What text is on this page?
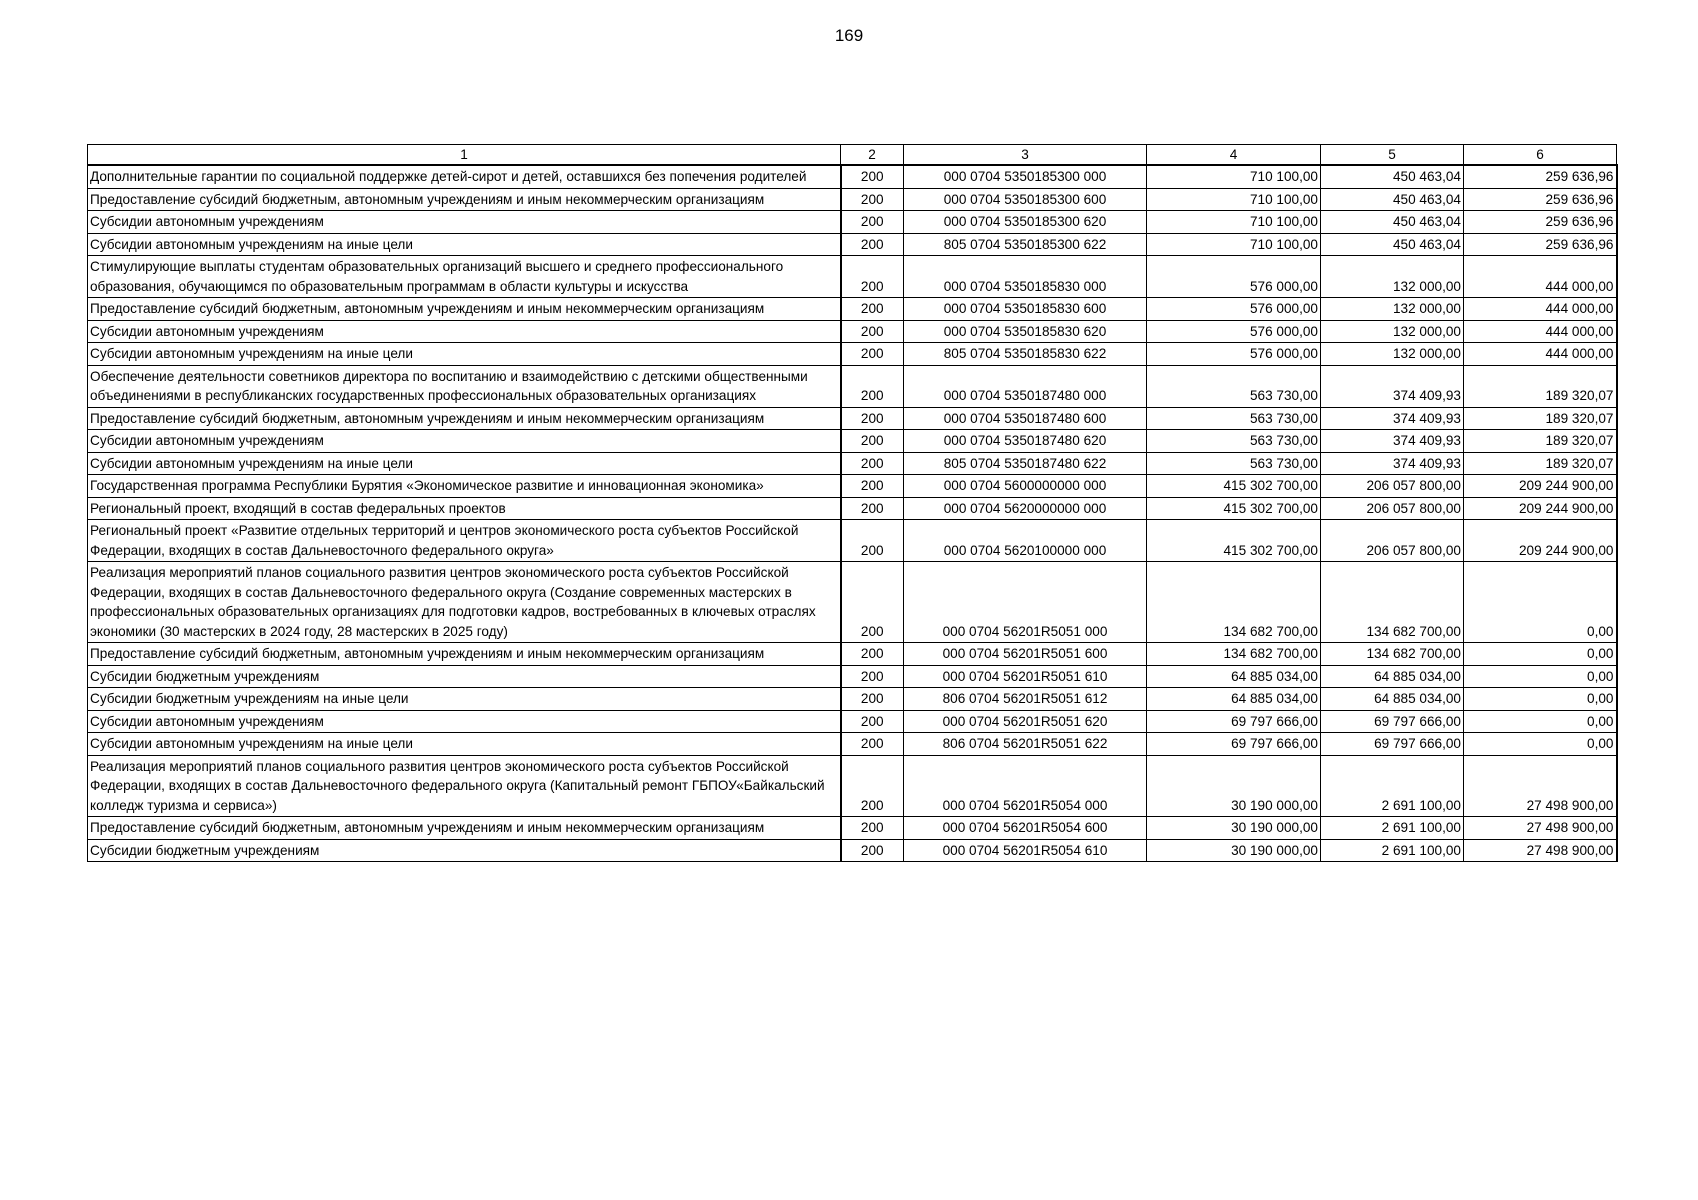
169
1	2	3	4	5	6
Дополнительные гарантии по социальной поддержке детей-сирот и детей, оставшихся без попечения родителей	200	000 0704 5350185300 000	710 100,00	450 463,04	259 636,96
Предоставление субсидий бюджетным, автономным учреждениям и иным некоммерческим организациям	200	000 0704 5350185300 600	710 100,00	450 463,04	259 636,96
Субсидии автономным учреждениям	200	000 0704 5350185300 620	710 100,00	450 463,04	259 636,96
Субсидии автономным учреждениям на иные цели	200	805 0704 5350185300 622	710 100,00	450 463,04	259 636,96
Стимулирующие выплаты студентам образовательных организаций высшего и среднего профессионального образования, обучающимся по образовательным программам в области культуры и искусства	200	000 0704 5350185830 000	576 000,00	132 000,00	444 000,00
Предоставление субсидий бюджетным, автономным учреждениям и иным некоммерческим организациям	200	000 0704 5350185830 600	576 000,00	132 000,00	444 000,00
Субсидии автономным учреждениям	200	000 0704 5350185830 620	576 000,00	132 000,00	444 000,00
Субсидии автономным учреждениям на иные цели	200	805 0704 5350185830 622	576 000,00	132 000,00	444 000,00
Обеспечение деятельности советников директора по воспитанию и взаимодействию с детскими общественными объединениями в республиканских государственных профессиональных образовательных организациях	200	000 0704 5350187480 000	563 730,00	374 409,93	189 320,07
Предоставление субсидий бюджетным, автономным учреждениям и иным некоммерческим организациям	200	000 0704 5350187480 600	563 730,00	374 409,93	189 320,07
Субсидии автономным учреждениям	200	000 0704 5350187480 620	563 730,00	374 409,93	189 320,07
Субсидии автономным учреждениям на иные цели	200	805 0704 5350187480 622	563 730,00	374 409,93	189 320,07
Государственная программа Республики Бурятия «Экономическое развитие и инновационная экономика»	200	000 0704 5600000000 000	415 302 700,00	206 057 800,00	209 244 900,00
Региональный проект, входящий в состав федеральных проектов	200	000 0704 5620000000 000	415 302 700,00	206 057 800,00	209 244 900,00
Региональный проект «Развитие отдельных территорий и центров экономического роста субъектов Российской Федерации, входящих в состав Дальневосточного федерального округа»	200	000 0704 5620100000 000	415 302 700,00	206 057 800,00	209 244 900,00
Реализация мероприятий планов социального развития центров экономического роста субъектов Российской Федерации, входящих в состав Дальневосточного федерального округа (Создание современных мастерских в профессиональных образовательных организациях для подготовки кадров, востребованных в ключевых отраслях экономики (30 мастерских в 2024 году, 28 мастерских в 2025 году)	200	000 0704 56201R5051 000	134 682 700,00	134 682 700,00	0,00
Предоставление субсидий бюджетным, автономным учреждениям и иным некоммерческим организациям	200	000 0704 56201R5051 600	134 682 700,00	134 682 700,00	0,00
Субсидии бюджетным учреждениям	200	000 0704 56201R5051 610	64 885 034,00	64 885 034,00	0,00
Субсидии бюджетным учреждениям на иные цели	200	806 0704 56201R5051 612	64 885 034,00	64 885 034,00	0,00
Субсидии автономным учреждениям	200	000 0704 56201R5051 620	69 797 666,00	69 797 666,00	0,00
Субсидии автономным учреждениям на иные цели	200	806 0704 56201R5051 622	69 797 666,00	69 797 666,00	0,00
Реализация мероприятий планов социального развития центров экономического роста субъектов Российской Федерации, входящих в состав Дальневосточного федерального округа (Капитальный ремонт ГБПОУ«Байкальский колледж туризма и сервиса»)	200	000 0704 56201R5054 000	30 190 000,00	2 691 100,00	27 498 900,00
Предоставление субсидий бюджетным, автономным учреждениям и иным некоммерческим организациям	200	000 0704 56201R5054 600	30 190 000,00	2 691 100,00	27 498 900,00
Субсидии бюджетным учреждениям	200	000 0704 56201R5054 610	30 190 000,00	2 691 100,00	27 498 900,00
